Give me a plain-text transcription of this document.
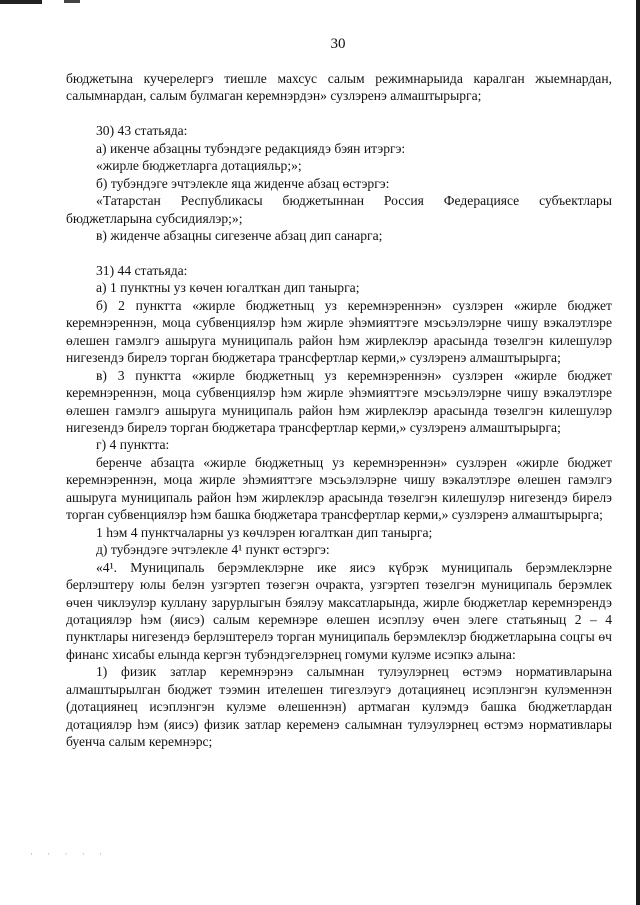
30

бюджетына кучерелергэ тиешле махсус салым режимнарыида каралган жыемнардан, салымнардан, салым булмаган керемнэрдэн» сузлэренэ алмаштырырга;

30) 43 статьяда:

а) икенче абзацны тубэндэге редакциядэ бэян итэргэ:

«жирле бюджетларга дотацияльр;»;

б) тубэндэге эчтэлекле яца жиденче абзац өстэргэ:

«Татарстан Республикасы бюджетыннан Россия Федерациясе субъектлары бюджетларына субсидиялэр;»;

в) жиденче абзацны сигезенче абзац дип санарга;

31) 44 статьяда:

а) 1 пунктны уз көчен югалткан дип танырга;

б) 2 пунктта «жирле бюджетныц уз керемнэреннэн» сузлэрен «жирле бюджет керемнэреннэн, моца субвенциялэр hэм жирле эhэмияттэге мэсьэлэлэрне чишу вэкалэтлэре өлешен гамэлгэ ашыруга муниципаль район hэм жирлеклэр арасында төзелгэн килешулэр нигезендэ бирелэ торган бюджетара трансфертлар керми,» сузлэренэ алмаштырырга;

в) 3 пунктта «жирле бюджетныц уз керемнэреннэн» сузлэрен «жирле бюджет керемнэреннэн, моца субвенциялэр hэм жирле эhэмияттэге мэсьэлэлэрне чишу вэкалэтлэре өлешен гамэлгэ ашыруга муниципаль район hэм жирлеклэр арасында төзелгэн килешулэр нигезендэ бирелэ торган бюджетара трансфертлар керми,» сузлэренэ алмаштырырга;

г) 4 пунктта:

беренче абзацта «жирле бюджетныц уз керемнэреннэн» сузлэрен «жирле бюджет керемнэреннэн, моца жирле эhэмияттэге мэсьэлэлэрне чишу вэкалэтлэре өлешен гамэлгэ ашыруга муниципаль район hэм жирлеклэр арасында төзелгэн килешулэр нигезендэ бирелэ торган субвенциялэр hэм башка бюджетара трансфертлар керми,» сузлэренэ алмаштырырга;

1 hэм 4 пунктчаларны уз көчлэрен югалткан дип танырга;

д) тубэндэге эчтэлекле 4¹ пункт өстэргэ:

«4¹. Муниципаль берэмлеклэрне ике яисэ күбрэк муниципаль берэмлеклэрне берлэштеру юлы белэн узгэртеп төзегэн очракта, узгэртеп төзелгэн муниципаль берэмлек өчен чиклэулэр куллану зарурлыгын бэялэу максатларында, жирле бюджетлар керемнэрендэ дотациялэр hэм (яисэ) салым керемнэре өлешен исэплэу өчен элеге статьяныц 2 – 4 пунктлары нигезендэ берлэштерелэ торган муниципаль берэмлеклэр бюджетларына соцгы өч финанс хисабы елында кергэн тубэндэгелэрнец гомуми кулэме исэпкэ алына:

1) физик затлар керемнэрэнэ салымнан тулэулэрнец өстэмэ нормативларына алмаштырылган бюджет тээмин ителешен тигезлэугэ дотациянец исэплэнгэн кулэменнэн (дотациянец исэплэнгэн кулэме өлешеннэн) артмаган кулэмдэ башка бюджетлардан дотациялэр hэм (яисэ) физик затлар кеременэ салымнан тулэулэрнец өстэмэ нормативлары буенча салым керемнэрс;

· · · · ·
